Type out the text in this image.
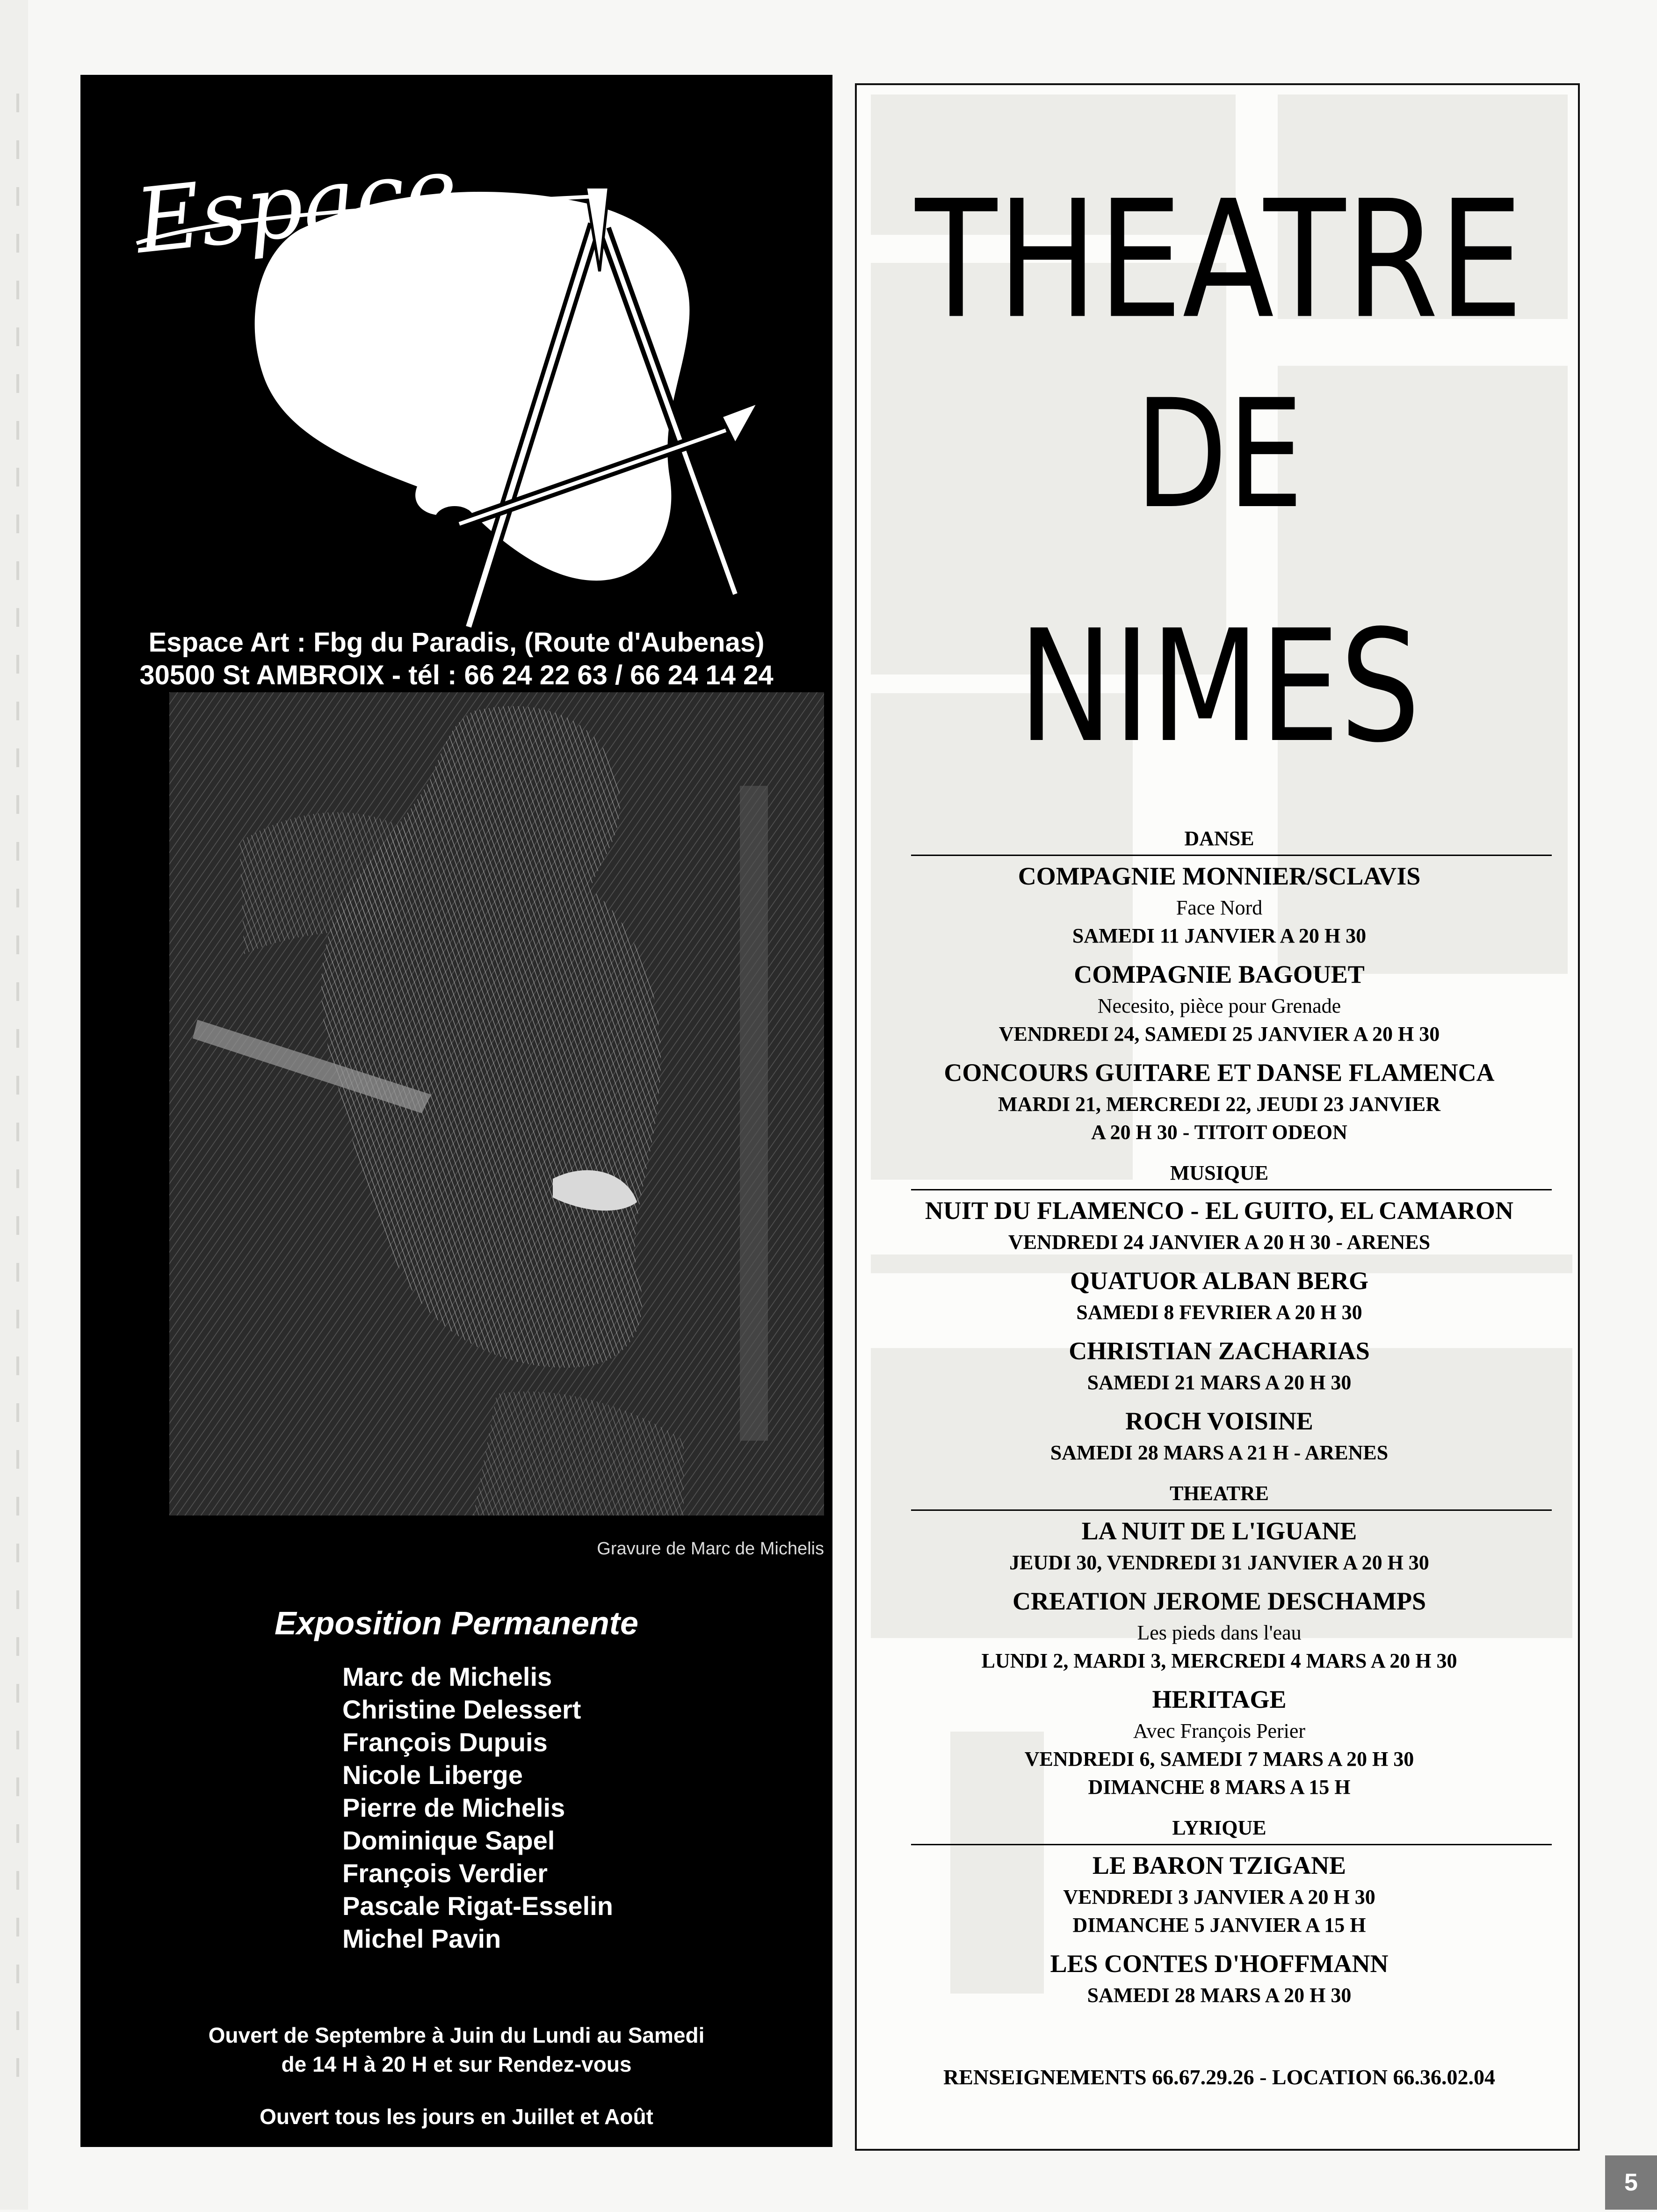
Espace
Espace Art : Fbg du Paradis, (Route d'Aubenas)
30500 St AMBROIX - tél : 66 24 22 63 / 66 24 14 24
Gravure de Marc de Michelis
Exposition Permanente
Marc de Michelis
Christine Delessert
François Dupuis
Nicole Liberge
Pierre de Michelis
Dominique Sapel
François Verdier
Pascale Rigat-Esselin
Michel Pavin
Ouvert de Septembre à Juin du Lundi au Samedi
de 14 H à 20 H et sur Rendez-vous
Ouvert tous les jours en Juillet et Août
THEATRE
DE
NIMES
DANSE
COMPAGNIE MONNIER/SCLAVIS
Face Nord
SAMEDI 11 JANVIER A 20 H 30
COMPAGNIE BAGOUET
Necesito, pièce pour Grenade
VENDREDI 24, SAMEDI 25 JANVIER A 20 H 30
CONCOURS GUITARE ET DANSE FLAMENCA
MARDI 21, MERCREDI 22, JEUDI 23 JANVIER
A 20 H 30 - TITOIT ODEON
MUSIQUE
NUIT DU FLAMENCO - EL GUITO, EL CAMARON
VENDREDI 24 JANVIER A 20 H 30 - ARENES
QUATUOR ALBAN BERG
SAMEDI 8 FEVRIER A 20 H 30
CHRISTIAN ZACHARIAS
SAMEDI 21 MARS A 20 H 30
ROCH VOISINE
SAMEDI 28 MARS A 21 H - ARENES
THEATRE
LA NUIT DE L'IGUANE
JEUDI 30, VENDREDI 31 JANVIER A 20 H 30
CREATION JEROME DESCHAMPS
Les pieds dans l'eau
LUNDI 2, MARDI 3, MERCREDI 4 MARS A 20 H 30
HERITAGE
Avec François Perier
VENDREDI 6, SAMEDI 7 MARS A 20 H 30
DIMANCHE 8 MARS A 15 H
LYRIQUE
LE BARON TZIGANE
VENDREDI 3 JANVIER A 20 H 30
DIMANCHE 5 JANVIER A 15 H
LES CONTES D'HOFFMANN
SAMEDI 28 MARS A 20 H 30
RENSEIGNEMENTS 66.67.29.26 - LOCATION 66.36.02.04
5
